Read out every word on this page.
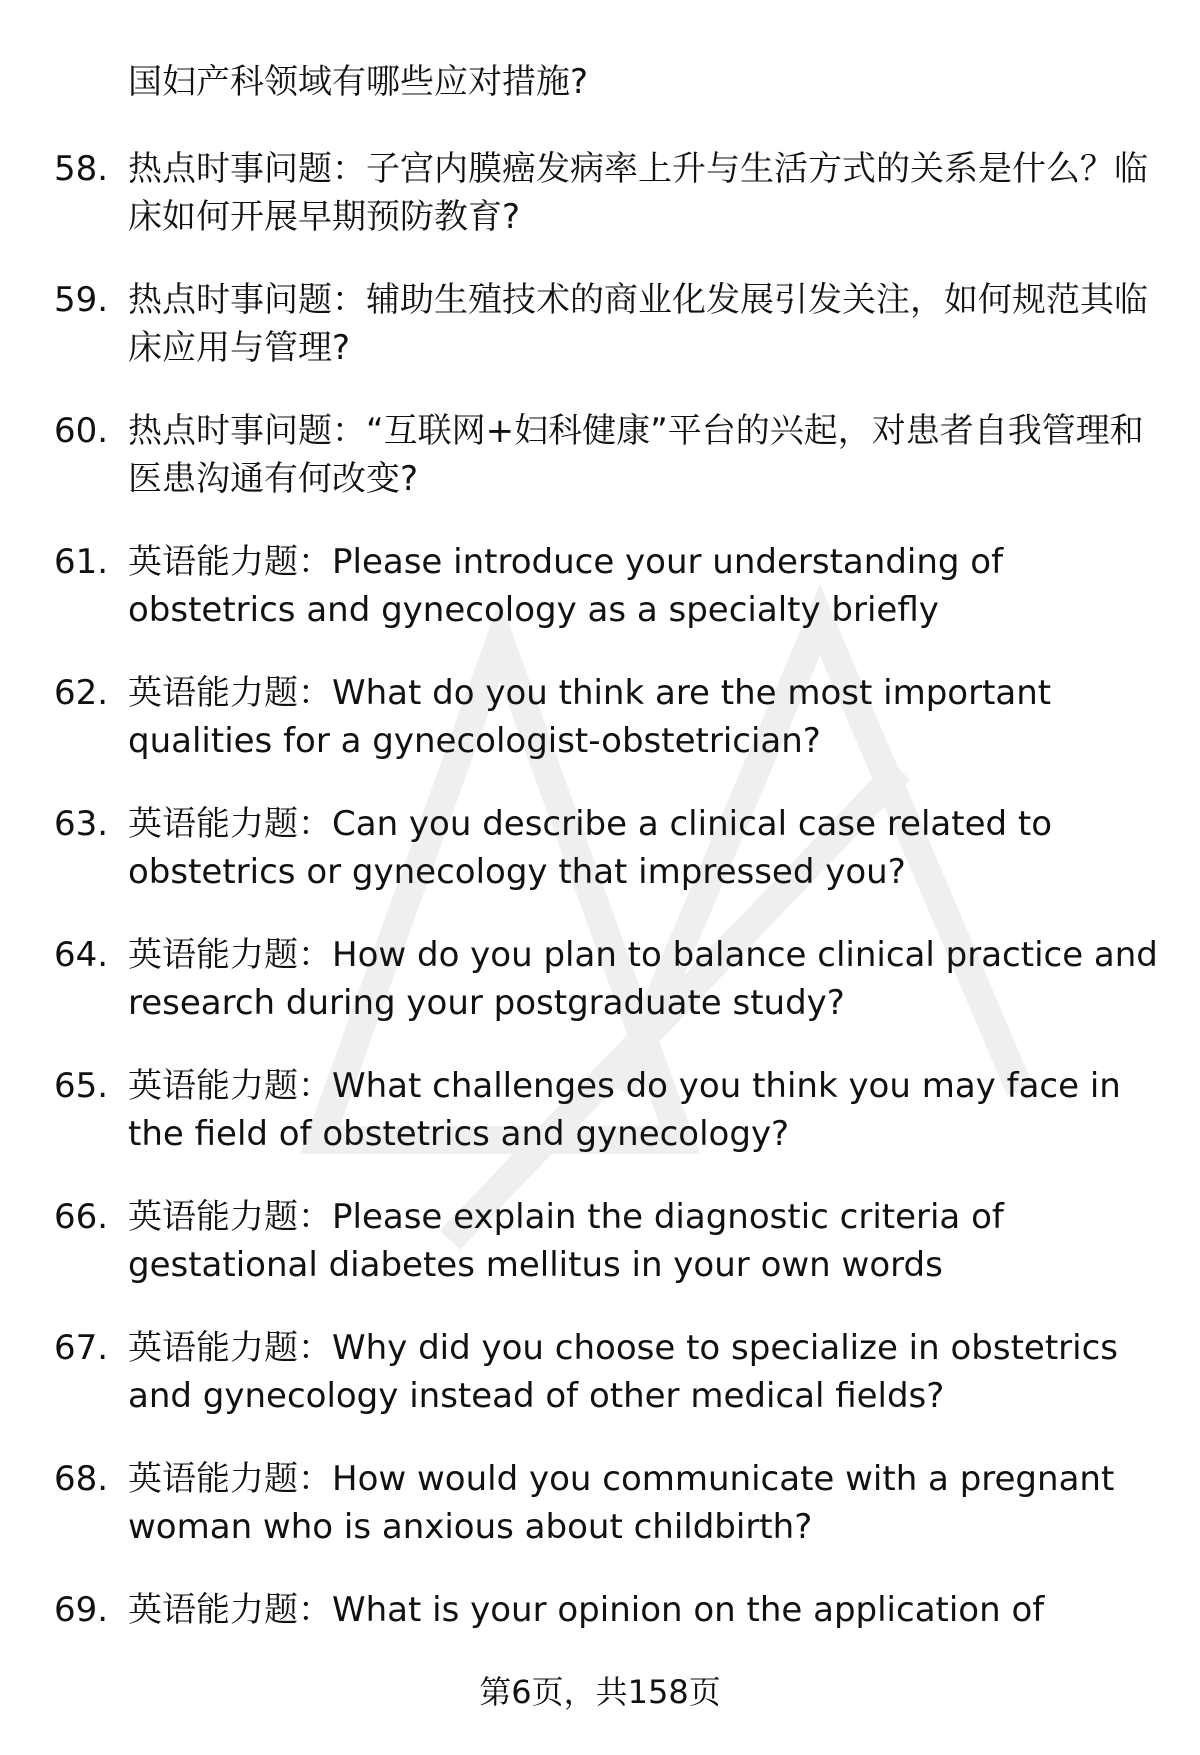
国妇产科领域有哪些应对措施?

58. 热点时事问题：子宫内膜癌发病率上升与生活方式的关系是什么？临床如何开展早期预防教育?
59. 热点时事问题：辅助生殖技术的商业化发展引发关注，如何规范其临床应用与管理?
60. 热点时事问题：“互联网+妇科健康”平台的兴起，对患者自我管理和医患沟通有何改变?
61. 英语能力题：Please introduce your understanding of obstetrics and gynecology as a specialty briefly
62. 英语能力题：What do you think are the most important qualities for a gynecologist-obstetrician?
63. 英语能力题：Can you describe a clinical case related to obstetrics or gynecology that impressed you?
64. 英语能力题：How do you plan to balance clinical practice and research during your postgraduate study?
65. 英语能力题：What challenges do you think you may face in the field of obstetrics and gynecology?
66. 英语能力题：Please explain the diagnostic criteria of gestational diabetes mellitus in your own words
67. 英语能力题：Why did you choose to specialize in obstetrics and gynecology instead of other medical fields?
68. 英语能力题：How would you communicate with a pregnant woman who is anxious about childbirth?
69. 英语能力题：What is your opinion on the application of
第6页，共158页
